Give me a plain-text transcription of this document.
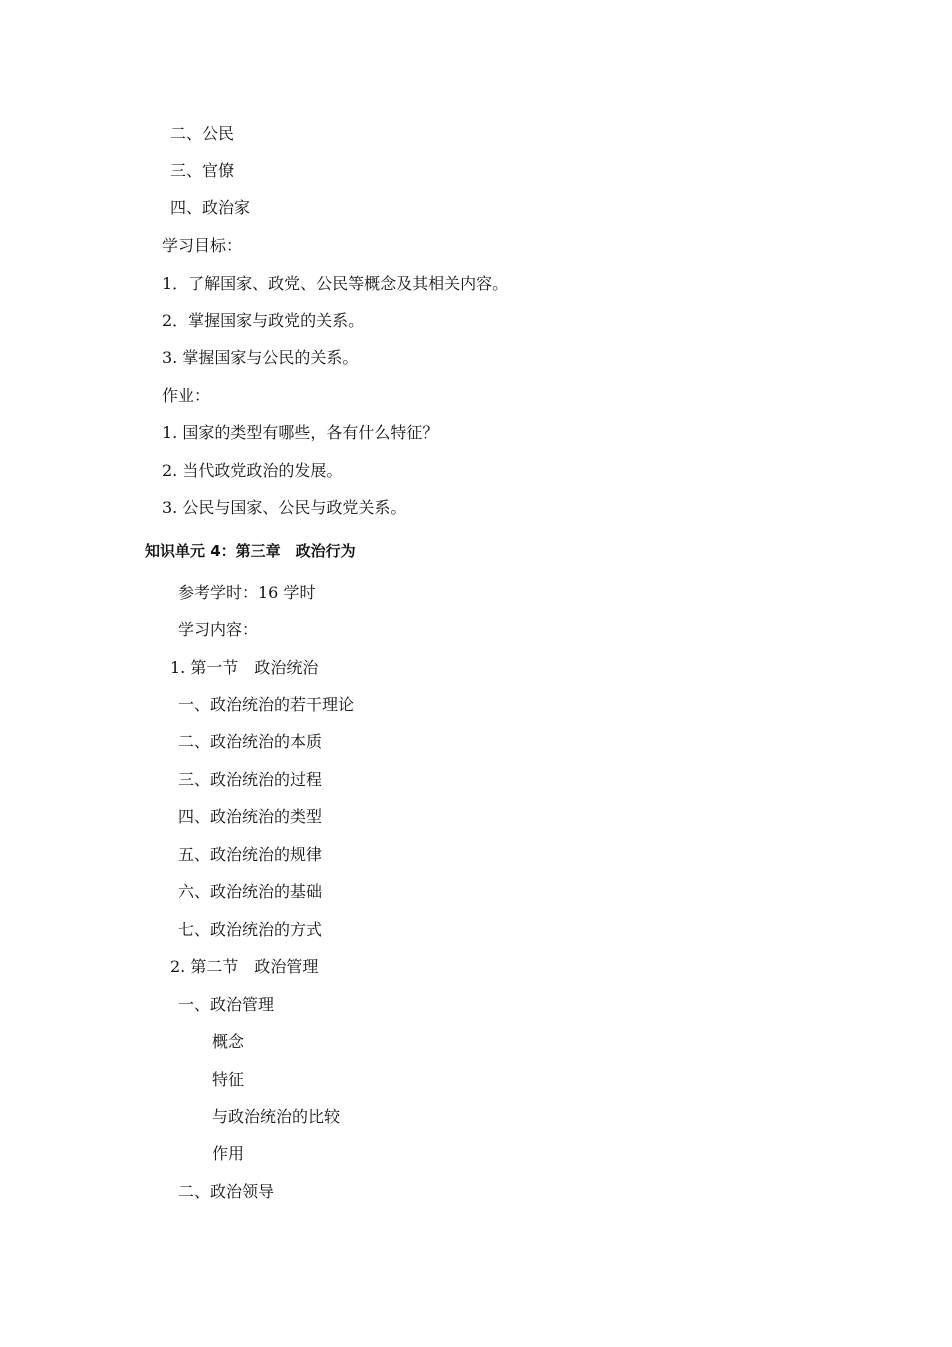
二、公民
三、官僚
四、政治家
学习目标：
1．了解国家、政党、公民等概念及其相关内容。
2．掌握国家与政党的关系。
3. 掌握国家与公民的关系。
作业：
1. 国家的类型有哪些，各有什么特征？
2. 当代政党政治的发展。
3. 公民与国家、公民与政党关系。
知识单元 4：第三章　政治行为
参考学时：16 学时
学习内容：
1. 第一节　政治统治
一、政治统治的若干理论
二、政治统治的本质
三、政治统治的过程
四、政治统治的类型
五、政治统治的规律
六、政治统治的基础
七、政治统治的方式
2. 第二节　政治管理
一、政治管理
概念
特征
与政治统治的比较
作用
二、政治领导
